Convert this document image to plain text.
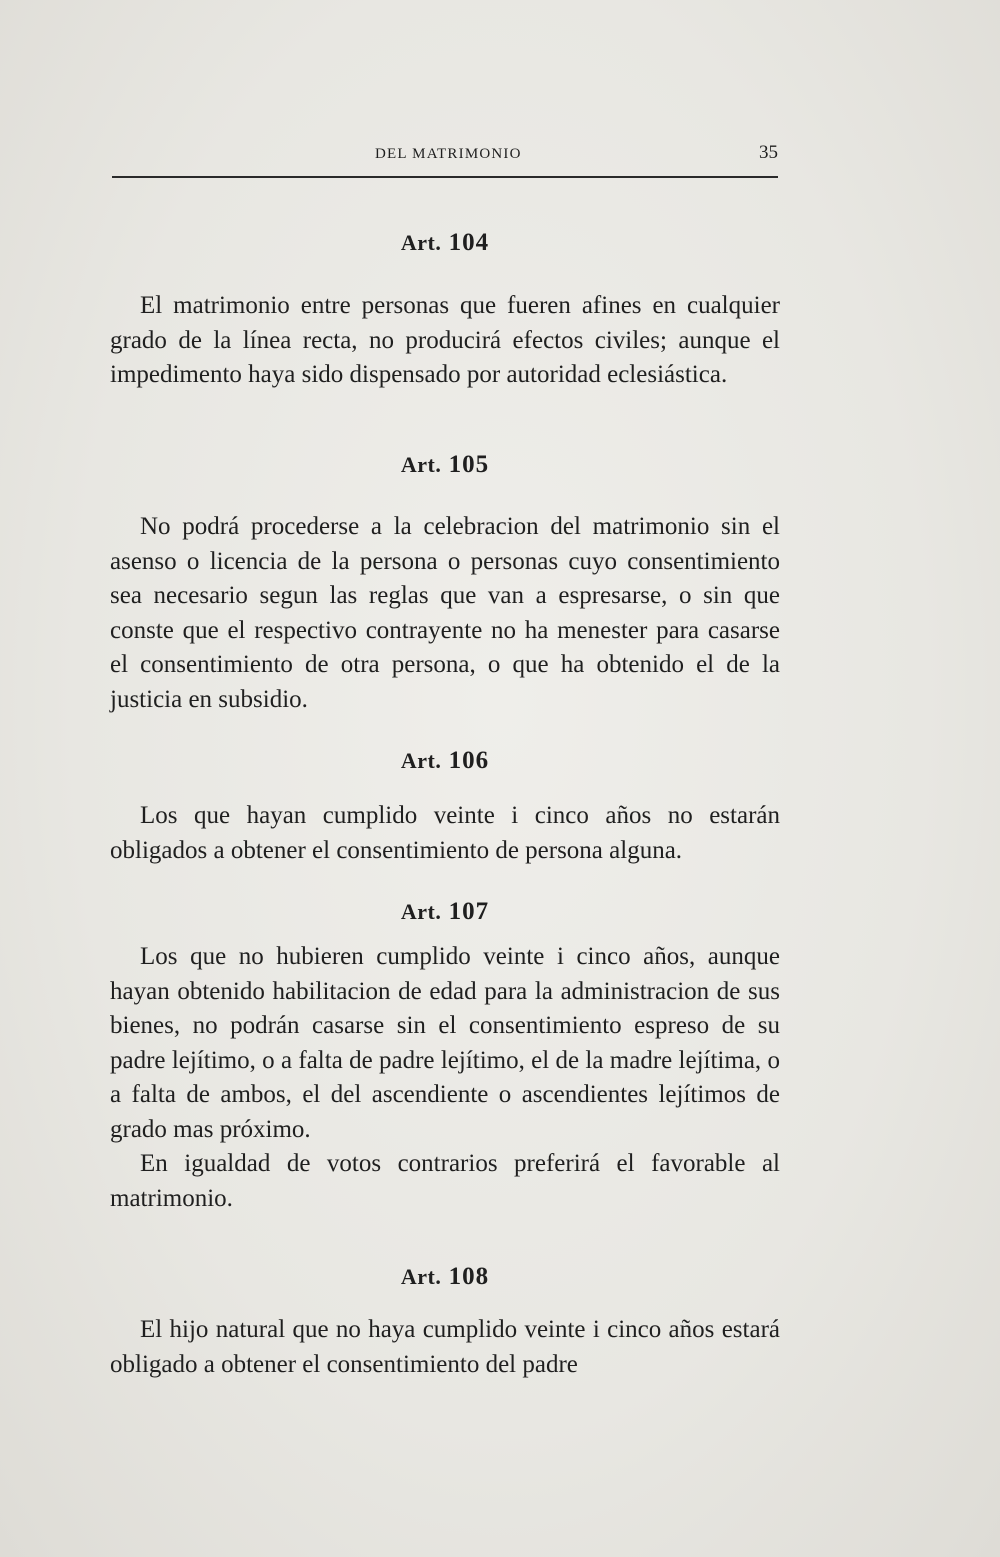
DEL MATRIMONIO	35
Art. 104

El matrimonio entre personas que fueren afines en cualquier grado de la línea recta, no producirá efectos civiles; aunque el impedimento haya sido dispensado por autoridad eclesiástica.

Art. 105

No podrá procederse a la celebracion del matrimonio sin el asenso o licencia de la persona o personas cuyo consentimiento sea necesario segun las reglas que van a espresarse, o sin que conste que el respectivo contrayente no ha menester para casarse el consentimiento de otra persona, o que ha obtenido el de la justicia en subsidio.

Art. 106

Los que hayan cumplido veinte i cinco años no estarán obligados a obtener el consentimiento de persona alguna.

Art. 107

Los que no hubieren cumplido veinte i cinco años, aunque hayan obtenido habilitacion de edad para la administracion de sus bienes, no podrán casarse sin el consentimiento espreso de su padre lejítimo, o a falta de padre lejítimo, el de la madre lejítima, o a falta de ambos, el del ascendiente o ascendientes lejítimos de grado mas próximo.

En igualdad de votos contrarios preferirá el favorable al matrimonio.

Art. 108

El hijo natural que no haya cumplido veinte i cinco años estará obligado a obtener el consentimiento del padre
